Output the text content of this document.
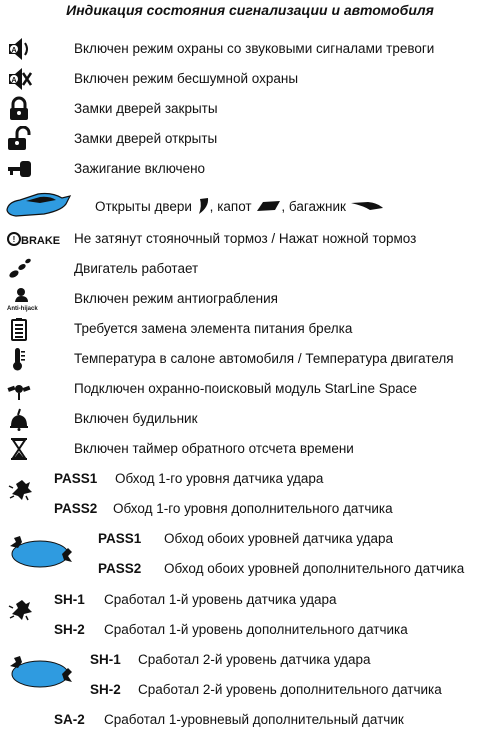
Индикация состояния сигнализации и автомобиля
A	Включен режим охраны со звуковыми сигналами тревоги
A	Включен режим бесшумной охраны
Замки дверей закрыты
Замки дверей открыты
Зажигание включено
Открыты двери , капот , багажник
! BRAKE Не затянут стояночный тормоз / Нажат ножной тормоз
Двигатель работает
Anti-hijack
Включен режим антиограбления
Требуется замена элемента питания брелка
Температура в салоне автомобиля / Температура двигателя
Подключен охранно-поисковый модуль StarLine Space
Включен будильник
Включен таймер обратного отсчета времени
PASS1 Обход 1-го уровня датчика удара
PASS2 Обход 1-го уровня дополнительного датчика
PASS1 Обход обоих уровней датчика удара
PASS2 Обход обоих уровней дополнительного датчика
SH-1 Сработал 1-й уровень датчика удара
SH-2 Сработал 1-й уровень дополнительного датчика
SH-1 Сработал 2-й уровень датчика удара
SH-2 Сработал 2-й уровень дополнительного датчика
SA-2 Сработал 1-уровневый дополнительный датчик
